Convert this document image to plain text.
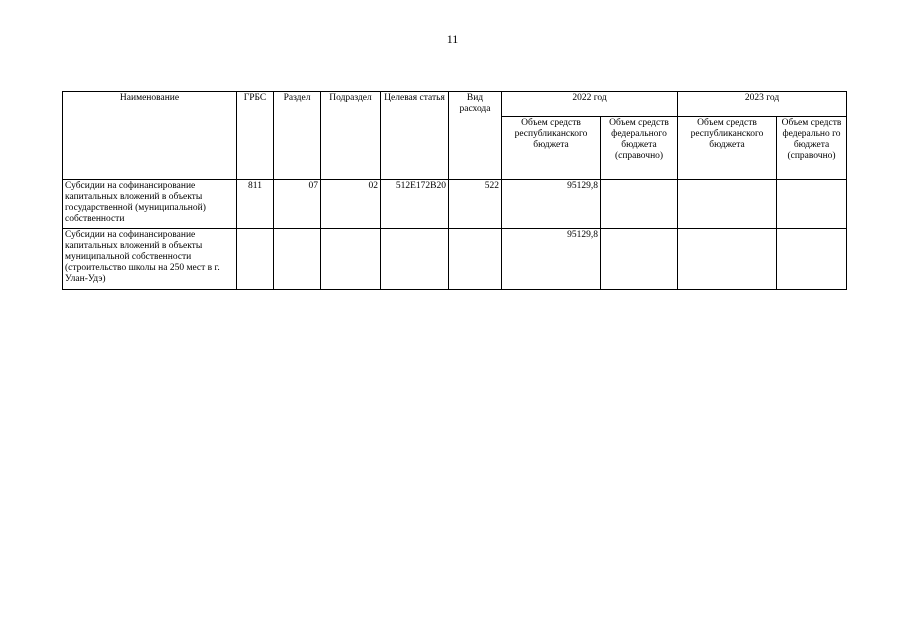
11
Наименование	ГРБС	Раздел	Подраздел	Целевая статья	Вид расхода	2022 год		2023 год	
						Объем средств республиканского бюджета	Объем средств федерального бюджета (справочно)	Объем средств республиканского бюджета	Объем средств федерально го бюджета (справочно)
Субсидии на софинансирование капитальных вложений в объекты государственной (муниципальной) собственности	811	07	02	512E172B20	522	95129,8			
Субсидии на софинансирование капитальных вложений в объекты муниципальной собственности (строительство школы на 250 мест в г. Улан-Удэ)						95129,8			
